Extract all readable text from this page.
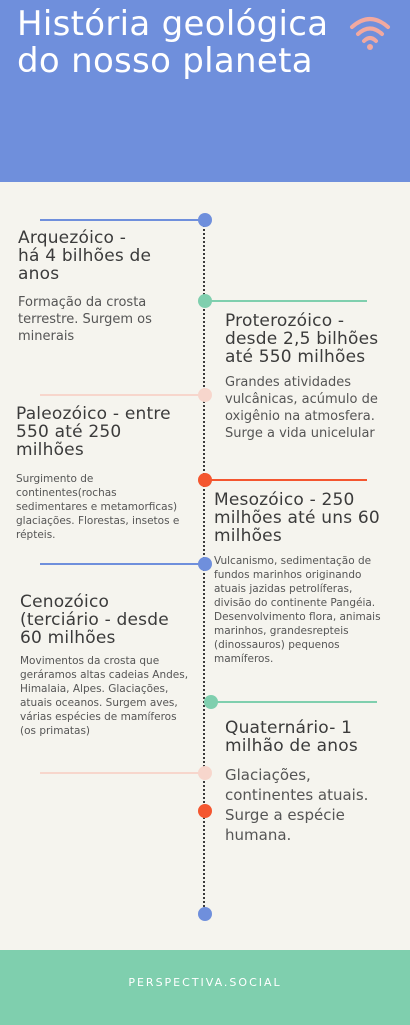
História geológica do nosso planeta
Arquezóico - há 4 bilhões de anos

Formação da crosta terrestre. Surgem os minerais

Proterozóico - desde 2,5 bilhões até 550 milhões

Grandes atividades vulcânicas, acúmulo de oxigênio na atmosfera. Surge a vida unicelular

Paleozóico - entre 550 até 250 milhões

Surgimento de continentes(rochas sedimentares e metamorficas) glaciações. Florestas, insetos e répteis.

Mesozóico - 250 milhões até uns 60 milhões

Vulcanismo, sedimentação de fundos marinhos originando atuais jazidas petrolíferas, divisão do continente Pangéia. Desenvolvimento flora, animais marinhos, grandesrepteis (dinossauros) pequenos mamíferos.

Cenozóico (terciário - desde 60 milhões

Movimentos da crosta que geráramos altas cadeias Andes, Himalaia, Alpes. Glaciações, atuais oceanos. Surgem aves, várias espécies de mamíferos (os primatas)	Quaternário- 1 milhão de anos

Glaciações, continentes atuais. Surge a espécie humana.

PERSPECTIVA.SOCIAL
